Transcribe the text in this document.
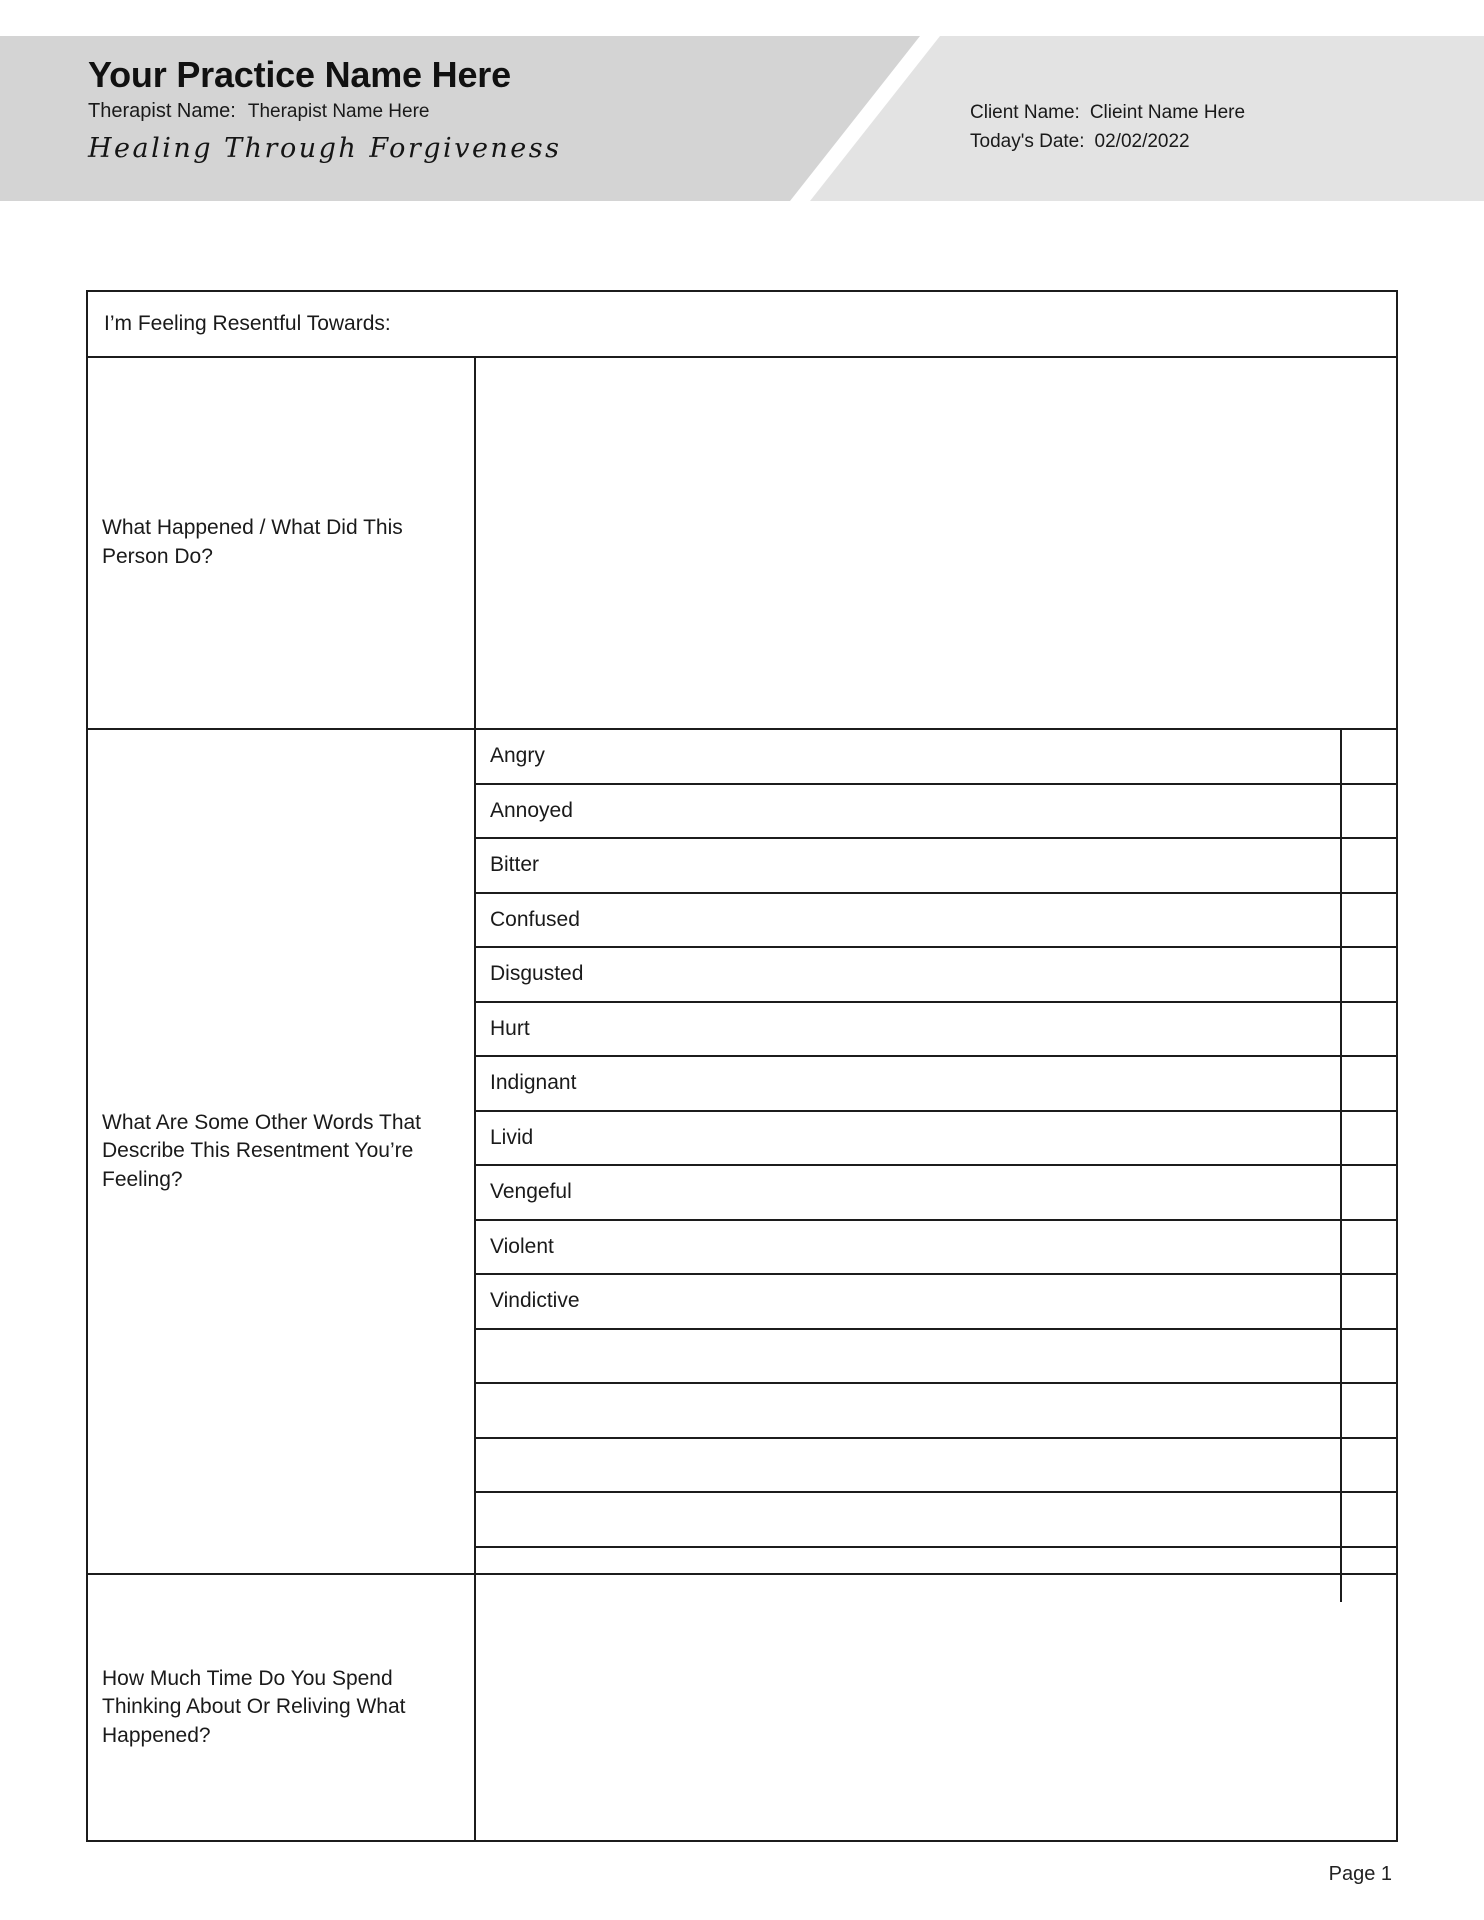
Your Practice Name Here
Therapist Name: Therapist Name Here
Healing Through Forgiveness
Client Name: Clieint Name Here
Today's Date: 02/02/2022
I’m Feeling Resentful Towards:
What Happened / What Did This Person Do?
What Are Some Other Words That Describe This Resentment You’re Feeling?
Angry
Annoyed
Bitter
Confused
Disgusted
Hurt
Indignant
Livid
Vengeful
Violent
Vindictive
How Much Time Do You Spend Thinking About Or Reliving What Happened?
Page 1
